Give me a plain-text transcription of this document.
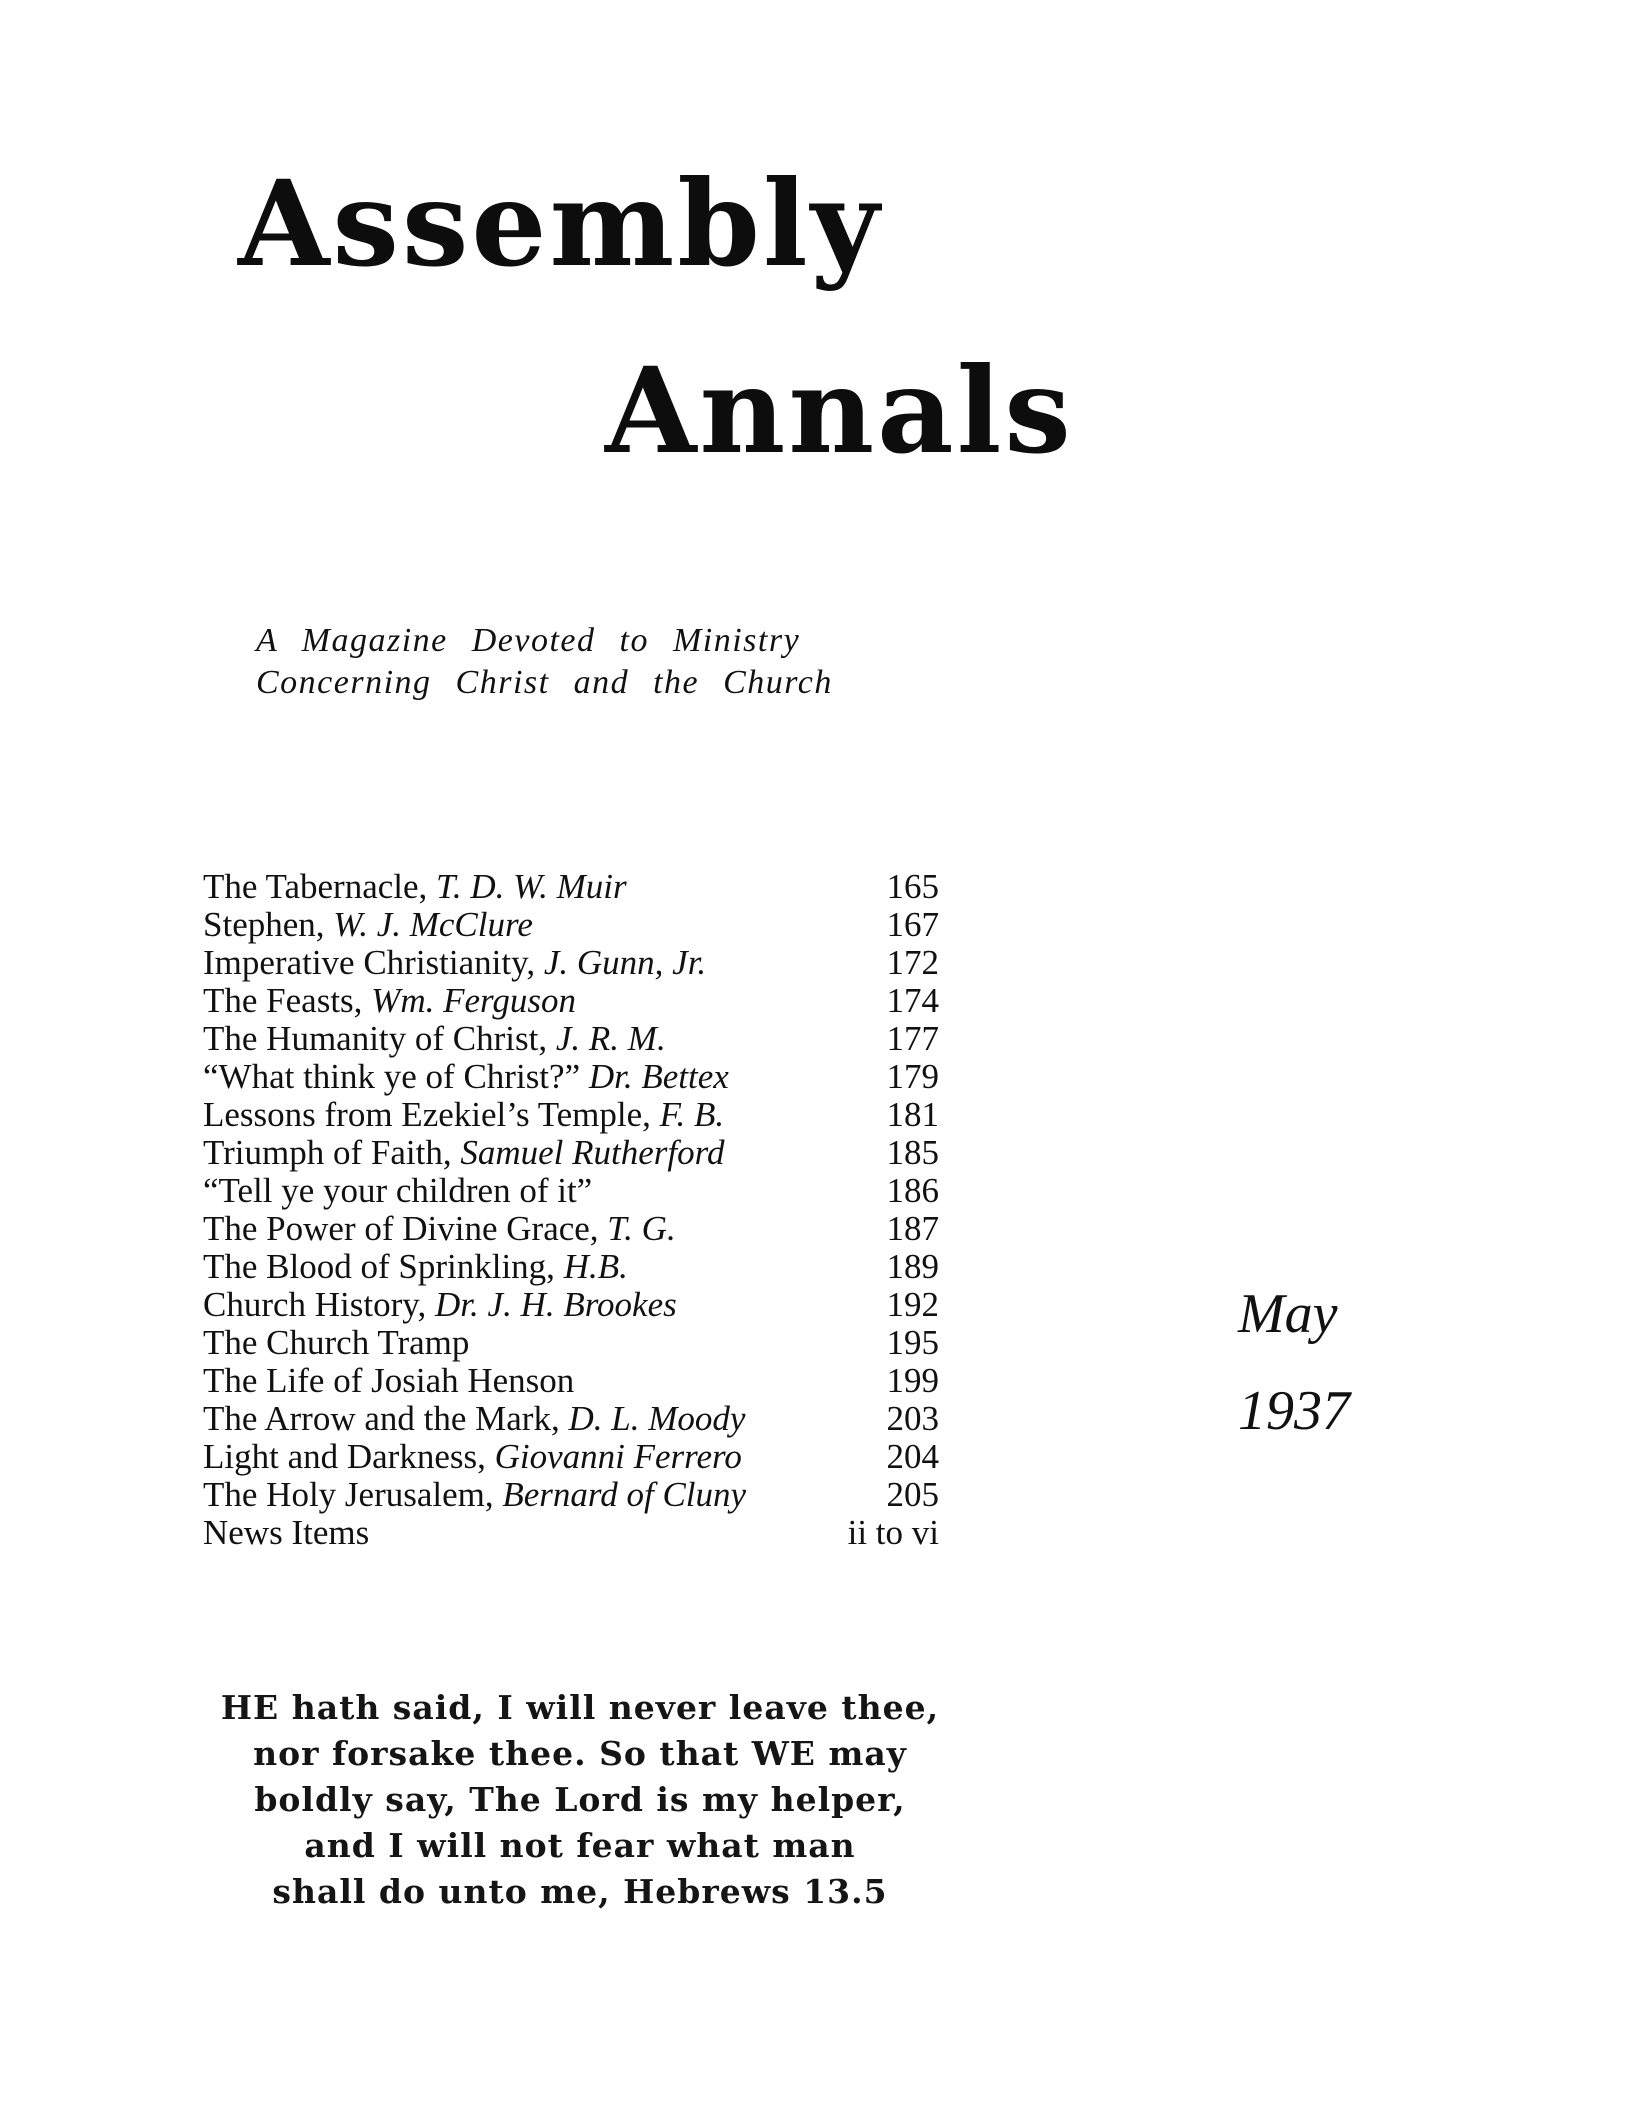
Assembly
Annals
A Magazine Devoted to Ministry
Concerning Christ and the Church
The Tabernacle, T. D. W. Muir	165
Stephen, W. J. McClure	167
Imperative Christianity, J. Gunn, Jr.	172
The Feasts, Wm. Ferguson	174
The Humanity of Christ, J. R. M.	177
“What think ye of Christ?” Dr. Bettex	179
Lessons from Ezekiel’s Temple, F. B.	181
Triumph of Faith, Samuel Rutherford	185
“Tell ye your children of it”	186
The Power of Divine Grace, T. G.	187
The Blood of Sprinkling, H.B.	189
Church History, Dr. J. H. Brookes	192
The Church Tramp	195
The Life of Josiah Henson	199
The Arrow and the Mark, D. L. Moody	203
Light and Darkness, Giovanni Ferrero	204
The Holy Jerusalem, Bernard of Cluny	205
News Items	ii to vi
May
1937
HE hath said, I will never leave thee,
nor forsake thee. So that WE may
boldly say, The Lord is my helper,
and I will not fear what man
shall do unto me, Hebrews 13.5
